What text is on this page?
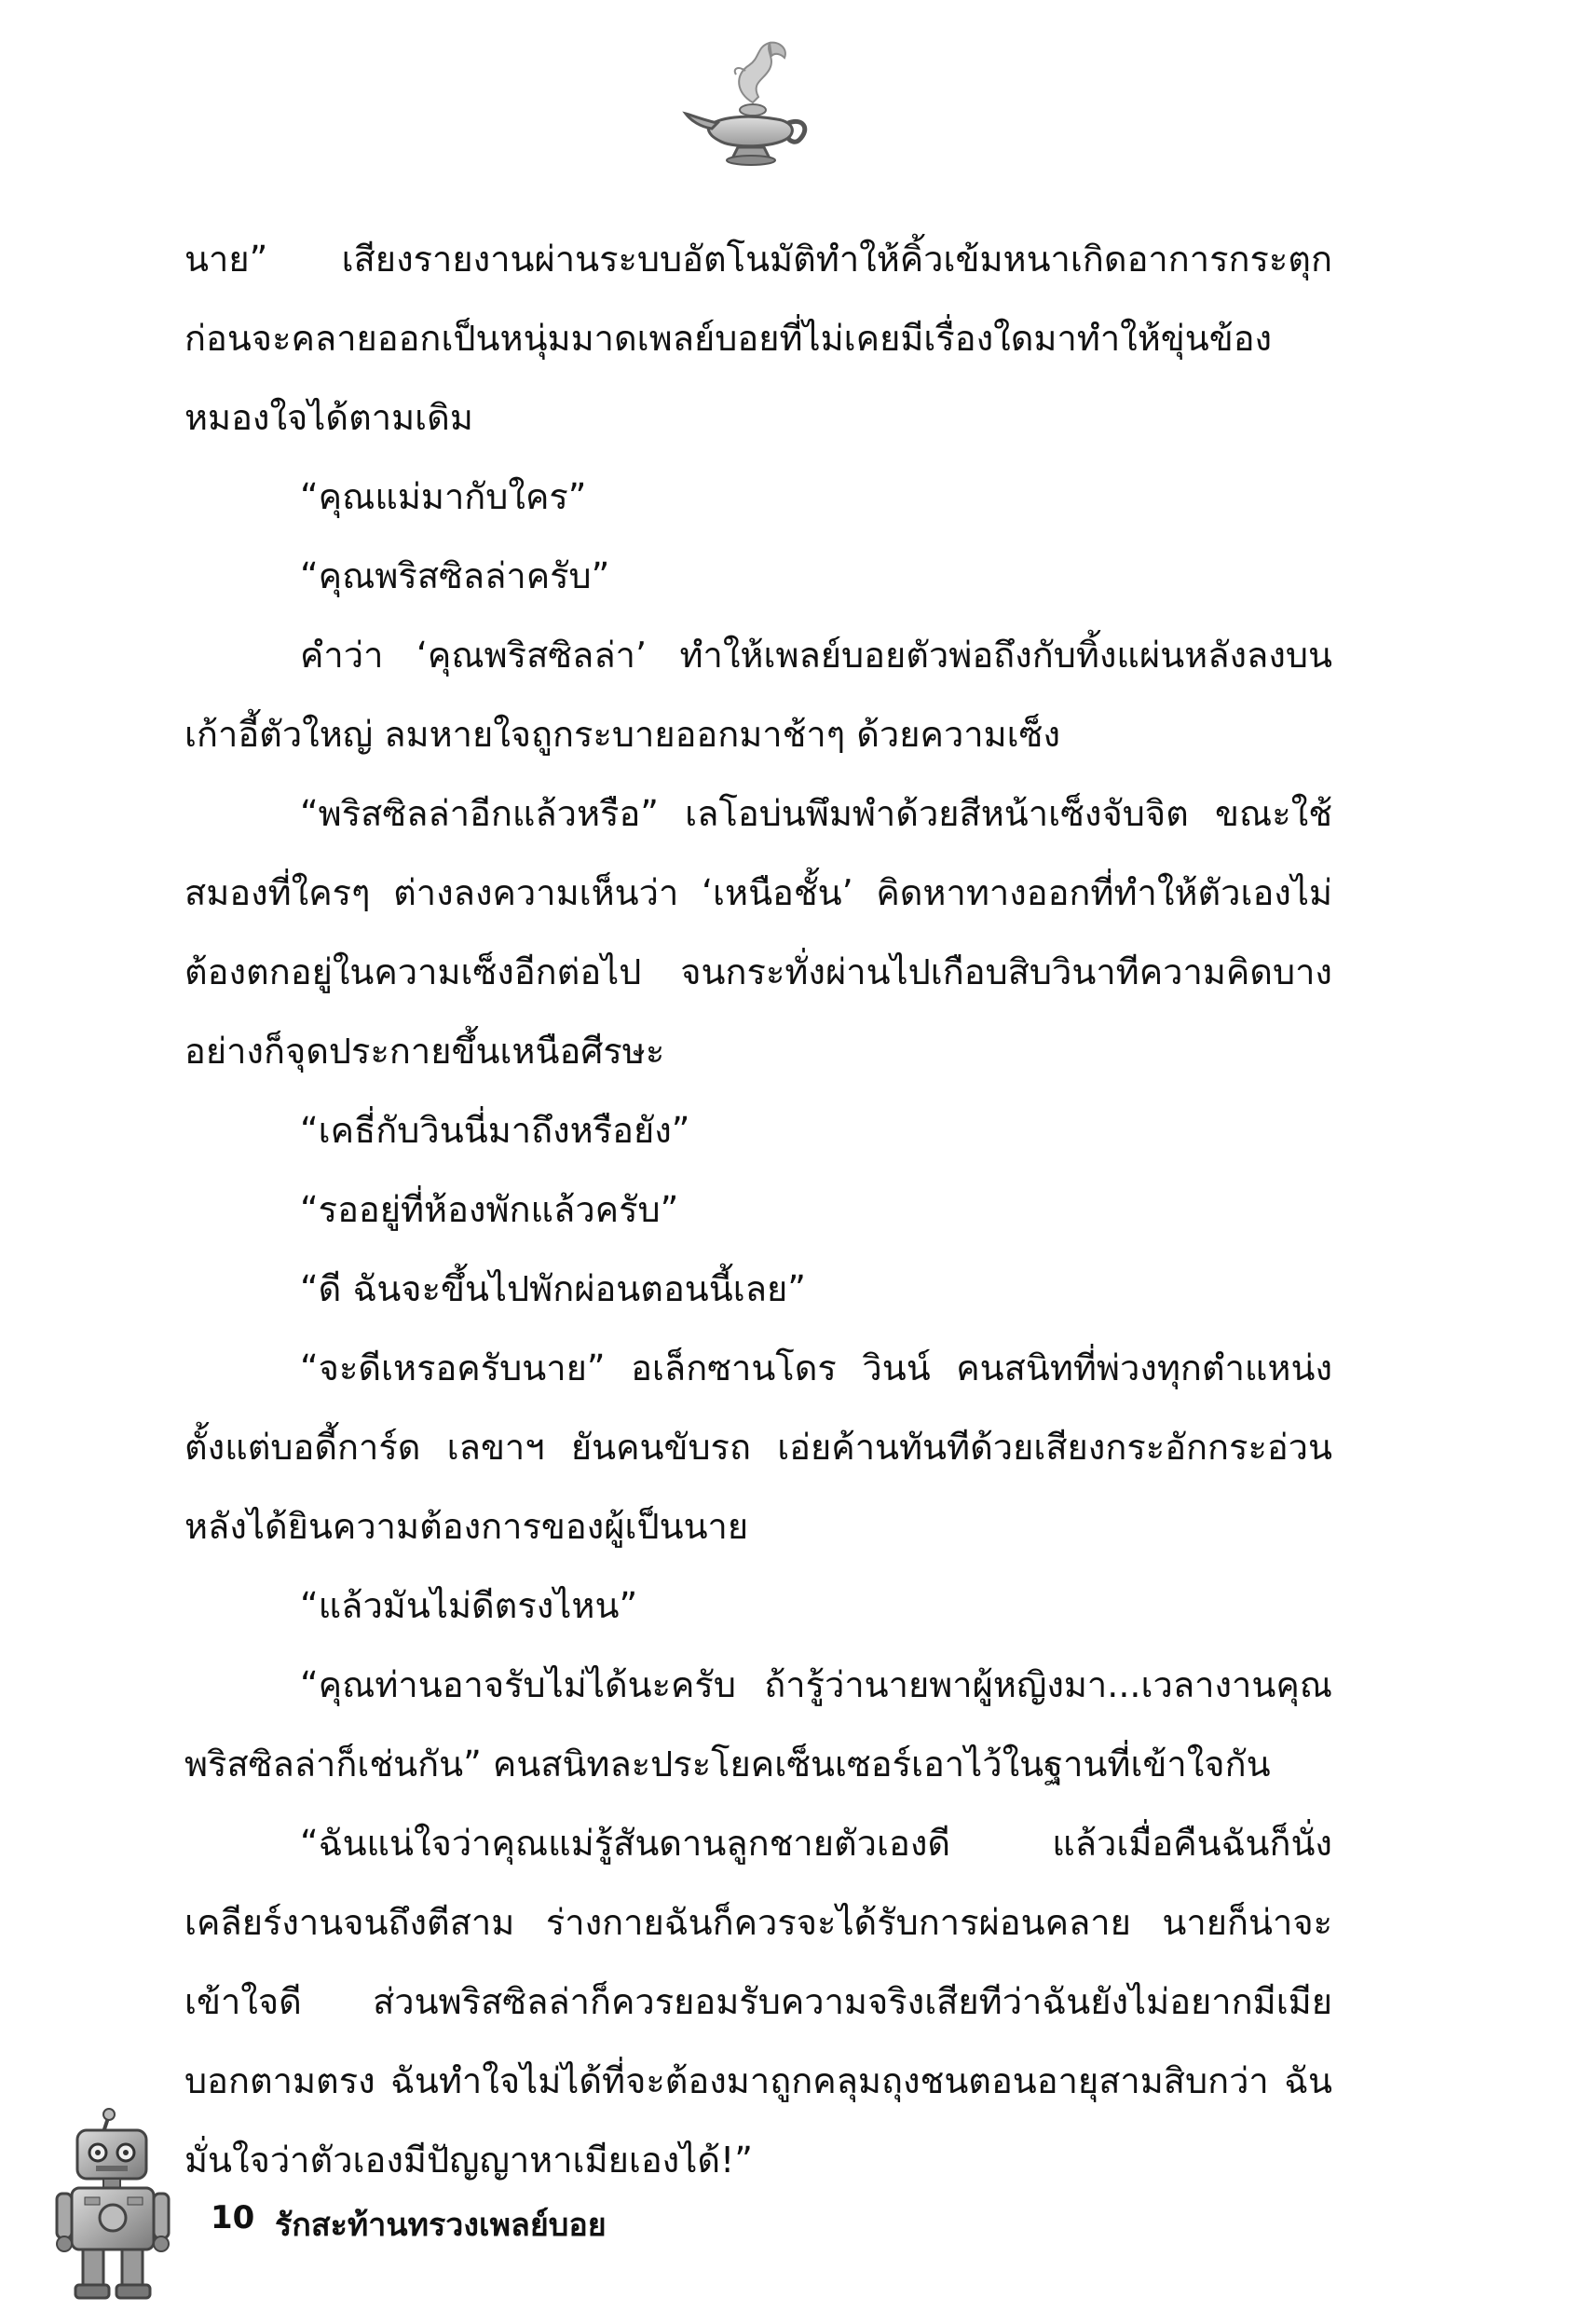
นาย” เสียงรายงานผ่านระบบอัตโนมัติทำให้คิ้วเข้มหนาเกิดอาการกระตุกก่อนจะคลายออกเป็นหนุ่มมาดเพลย์บอยที่ไม่เคยมีเรื่องใดมาทำให้ขุ่นข้องหมองใจได้ตามเดิม

“คุณแม่มากับใคร”

“คุณพริสซิลล่าครับ”

คำว่า ‘คุณพริสซิลล่า’ ทำให้เพลย์บอยตัวพ่อถึงกับทิ้งแผ่นหลังลงบนเก้าอี้ตัวใหญ่ ลมหายใจถูกระบายออกมาช้าๆ ด้วยความเซ็ง

“พริสซิลล่าอีกแล้วหรือ” เลโอบ่นพึมพำด้วยสีหน้าเซ็งจับจิต ขณะใช้สมองที่ใครๆ ต่างลงความเห็นว่า ‘เหนือชั้น’ คิดหาทางออกที่ทำให้ตัวเองไม่ต้องตกอยู่ในความเซ็งอีกต่อไป จนกระทั่งผ่านไปเกือบสิบวินาทีความคิดบางอย่างก็จุดประกายขึ้นเหนือศีรษะ

“เคธี่กับวินนี่มาถึงหรือยัง”

“รออยู่ที่ห้องพักแล้วครับ”

“ดี ฉันจะขึ้นไปพักผ่อนตอนนี้เลย”

“จะดีเหรอครับนาย” อเล็กซานโดร วินน์ คนสนิทที่พ่วงทุกตำแหน่ง ตั้งแต่บอดี้การ์ด เลขาฯ ยันคนขับรถ เอ่ยค้านทันทีด้วยเสียงกระอักกระอ่วนหลังได้ยินความต้องการของผู้เป็นนาย

“แล้วมันไม่ดีตรงไหน”

“คุณท่านอาจรับไม่ได้นะครับ ถ้ารู้ว่านายพาผู้หญิงมา...เวลางานคุณพริสซิลล่าก็เช่นกัน” คนสนิทละประโยคเซ็นเซอร์เอาไว้ในฐานที่เข้าใจกัน

“ฉันแน่ใจว่าคุณแม่รู้สันดานลูกชายตัวเองดี แล้วเมื่อคืนฉันก็นั่งเคลียร์งานจนถึงตีสาม ร่างกายฉันก็ควรจะได้รับการผ่อนคลาย นายก็น่าจะเข้าใจดี ส่วนพริสซิลล่าก็ควรยอมรับความจริงเสียทีว่าฉันยังไม่อยากมีเมีย บอกตามตรง ฉันทำใจไม่ได้ที่จะต้องมาถูกคลุมถุงชนตอนอายุสามสิบกว่า ฉันมั่นใจว่าตัวเองมีปัญญาหาเมียเองได้!”

10 รักสะท้านทรวงเพลย์บอย
